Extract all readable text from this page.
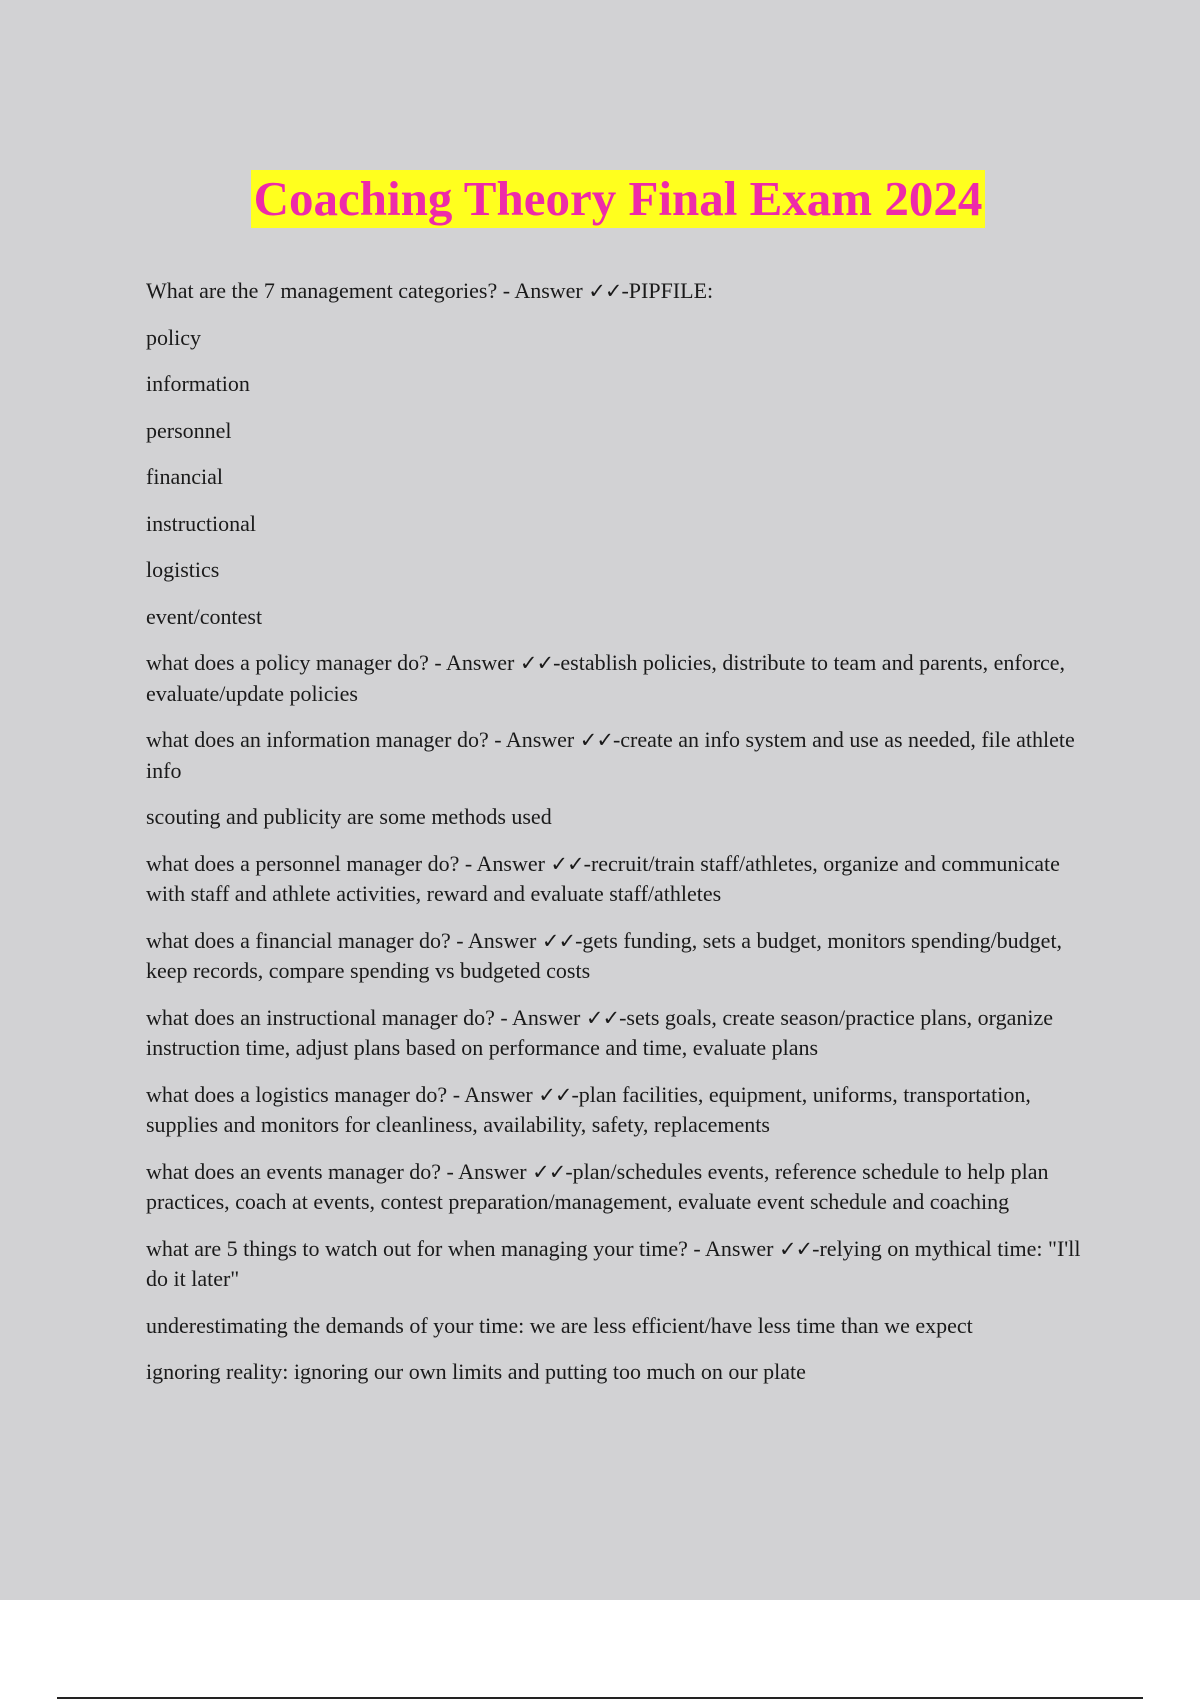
Coaching Theory Final Exam 2024

What are the 7 management categories? - Answer ✓✓-PIPFILE:

policy

information

personnel

financial

instructional

logistics

event/contest

what does a policy manager do? - Answer ✓✓-establish policies, distribute to team and parents, enforce, evaluate/update policies

what does an information manager do? - Answer ✓✓-create an info system and use as needed, file athlete info

scouting and publicity are some methods used

what does a personnel manager do? - Answer ✓✓-recruit/train staff/athletes, organize and communicate with staff and athlete activities, reward and evaluate staff/athletes

what does a financial manager do? - Answer ✓✓-gets funding, sets a budget, monitors spending/budget, keep records, compare spending vs budgeted costs

what does an instructional manager do? - Answer ✓✓-sets goals, create season/practice plans, organize instruction time, adjust plans based on performance and time, evaluate plans

what does a logistics manager do? - Answer ✓✓-plan facilities, equipment, uniforms, transportation, supplies and monitors for cleanliness, availability, safety, replacements

what does an events manager do? - Answer ✓✓-plan/schedules events, reference schedule to help plan practices, coach at events, contest preparation/management, evaluate event schedule and coaching

what are 5 things to watch out for when managing your time? - Answer ✓✓-relying on mythical time: "I'll do it later"

underestimating the demands of your time: we are less efficient/have less time than we expect

ignoring reality: ignoring our own limits and putting too much on our plate
